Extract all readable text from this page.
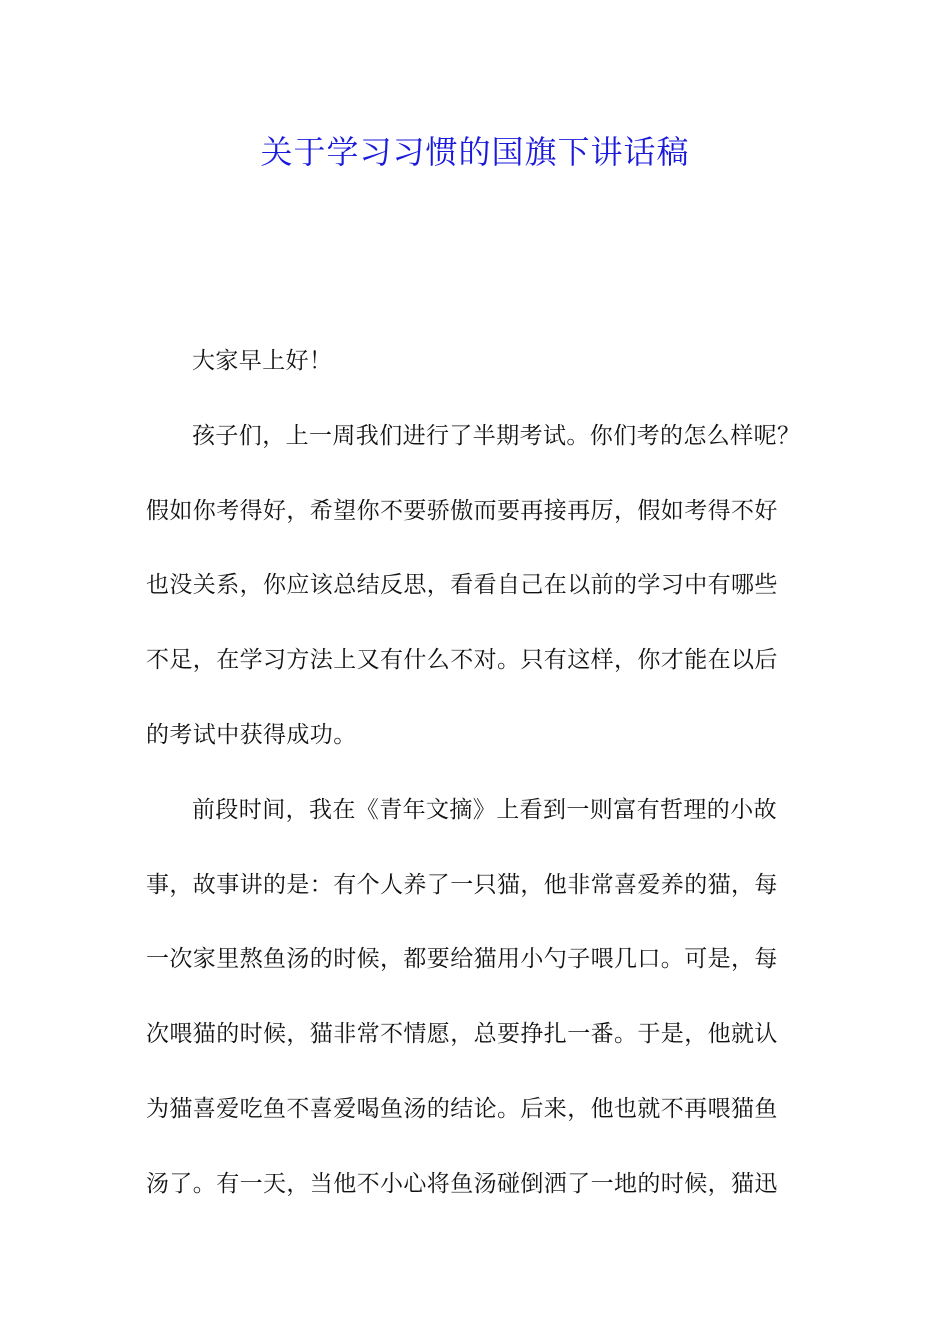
关于学习习惯的国旗下讲话稿
大家早上好！
孩子们，上一周我们进行了半期考试。你们考的怎么样呢？
假如你考得好，希望你不要骄傲而要再接再厉，假如考得不好
也没关系，你应该总结反思，看看自己在以前的学习中有哪些
不足，在学习方法上又有什么不对。只有这样，你才能在以后
的考试中获得成功。
前段时间，我在《青年文摘》上看到一则富有哲理的小故
事，故事讲的是：有个人养了一只猫，他非常喜爱养的猫，每
一次家里熬鱼汤的时候，都要给猫用小勺子喂几口。可是，每
次喂猫的时候，猫非常不情愿，总要挣扎一番。于是，他就认
为猫喜爱吃鱼不喜爱喝鱼汤的结论。后来，他也就不再喂猫鱼
汤了。有一天，当他不小心将鱼汤碰倒洒了一地的时候，猫迅
